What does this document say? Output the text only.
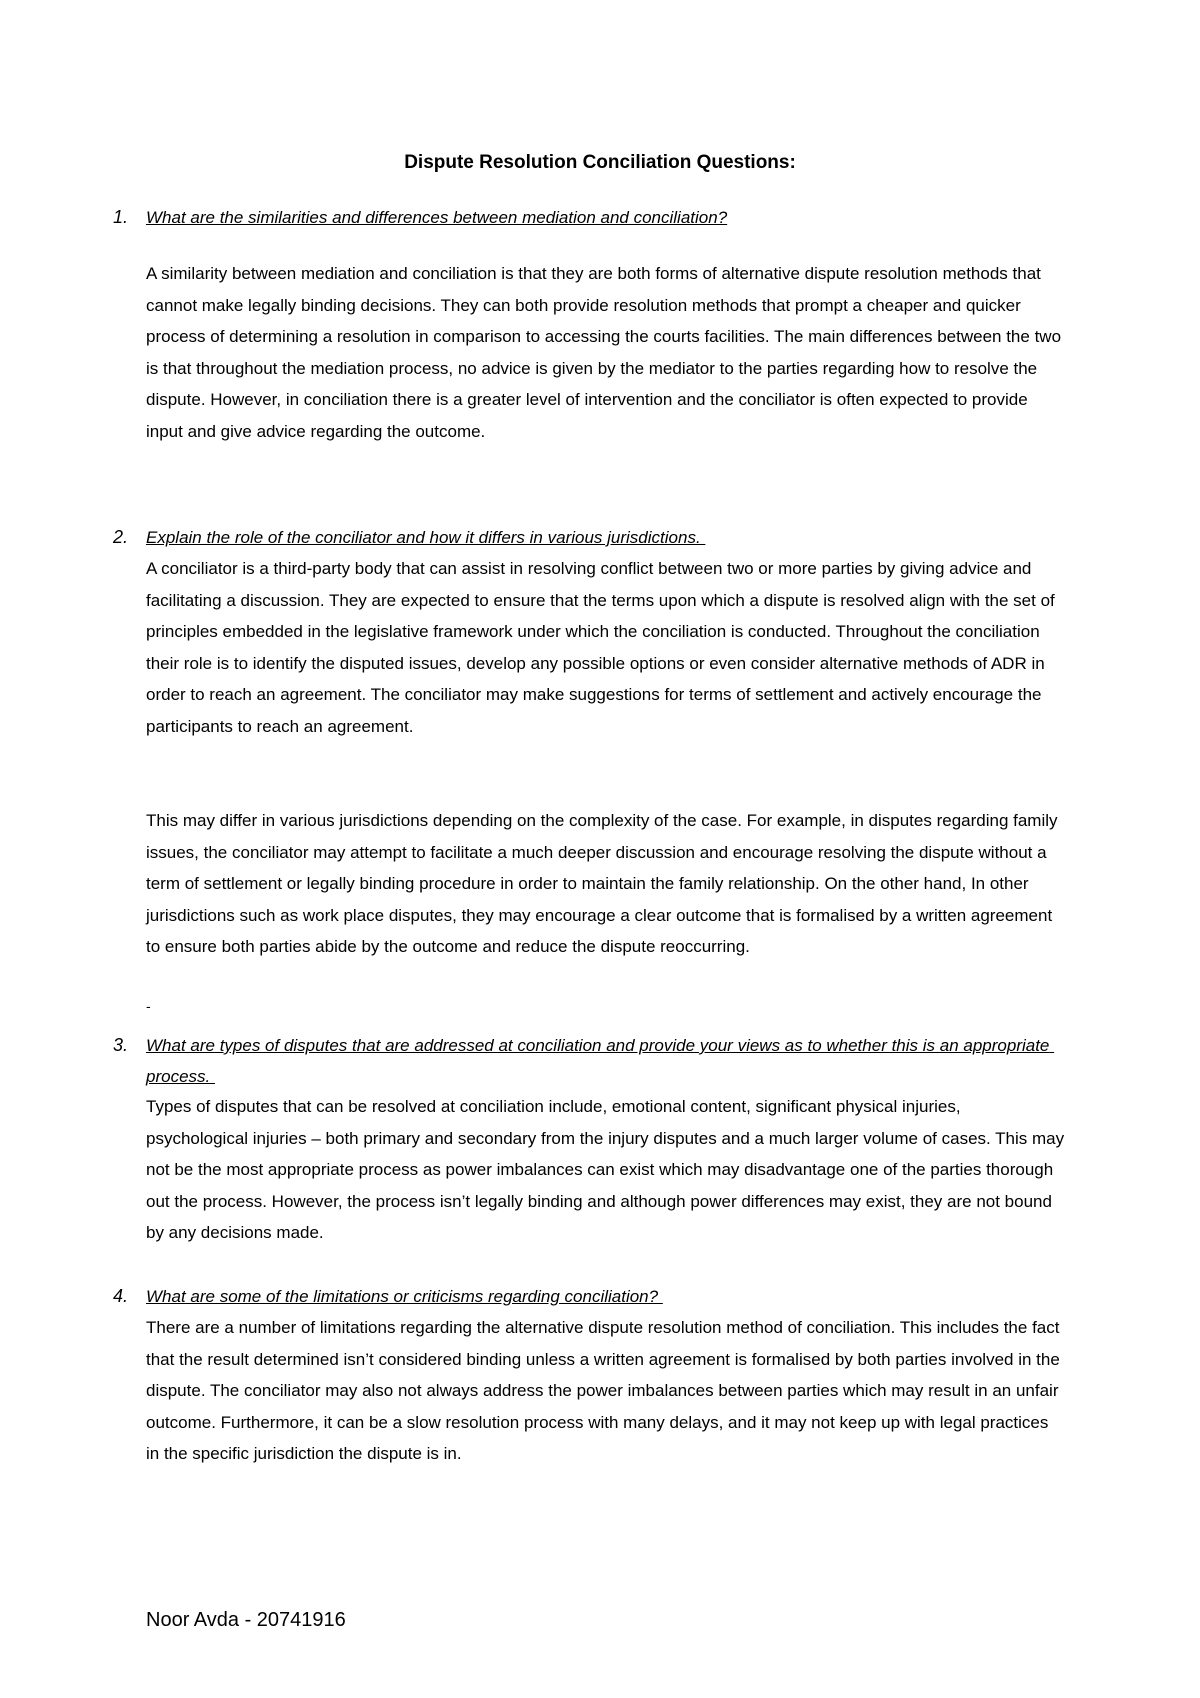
Dispute Resolution Conciliation Questions:
1. What are the similarities and differences between mediation and conciliation?

A similarity between mediation and conciliation is that they are both forms of alternative dispute resolution methods that cannot make legally binding decisions. They can both provide resolution methods that prompt a cheaper and quicker process of determining a resolution in comparison to accessing the courts facilities. The main differences between the two is that throughout the mediation process, no advice is given by the mediator to the parties regarding how to resolve the dispute. However, in conciliation there is a greater level of intervention and the conciliator is often expected to provide input and give advice regarding the outcome.

2. Explain the role of the conciliator and how it differs in various jurisdictions.

A conciliator is a third-party body that can assist in resolving conflict between two or more parties by giving advice and facilitating a discussion. They are expected to ensure that the terms upon which a dispute is resolved align with the set of principles embedded in the legislative framework under which the conciliation is conducted. Throughout the conciliation their role is to identify the disputed issues, develop any possible options or even consider alternative methods of ADR in order to reach an agreement. The conciliator may make suggestions for terms of settlement and actively encourage the participants to reach an agreement.

This may differ in various jurisdictions depending on the complexity of the case. For example, in disputes regarding family issues, the conciliator may attempt to facilitate a much deeper discussion and encourage resolving the dispute without a term of settlement or legally binding procedure in order to maintain the family relationship. On the other hand, In other jurisdictions such as work place disputes, they may encourage a clear outcome that is formalised by a written agreement to ensure both parties abide by the outcome and reduce the dispute reoccurring.

-
3. What are types of disputes that are addressed at conciliation and provide your views as to whether this is an appropriate process.

Types of disputes that can be resolved at conciliation include, emotional content, significant physical injuries, psychological injuries – both primary and secondary from the injury disputes and a much larger volume of cases. This may not be the most appropriate process as power imbalances can exist which may disadvantage one of the parties thorough out the process. However, the process isn’t legally binding and although power differences may exist, they are not bound by any decisions made.

4. What are some of the limitations or criticisms regarding conciliation?

There are a number of limitations regarding the alternative dispute resolution method of conciliation. This includes the fact that the result determined isn’t considered binding unless a written agreement is formalised by both parties involved in the dispute. The conciliator may also not always address the power imbalances between parties which may result in an unfair outcome. Furthermore, it can be a slow resolution process with many delays, and it may not keep up with legal practices in the specific jurisdiction the dispute is in.

Noor Avda - 20741916
